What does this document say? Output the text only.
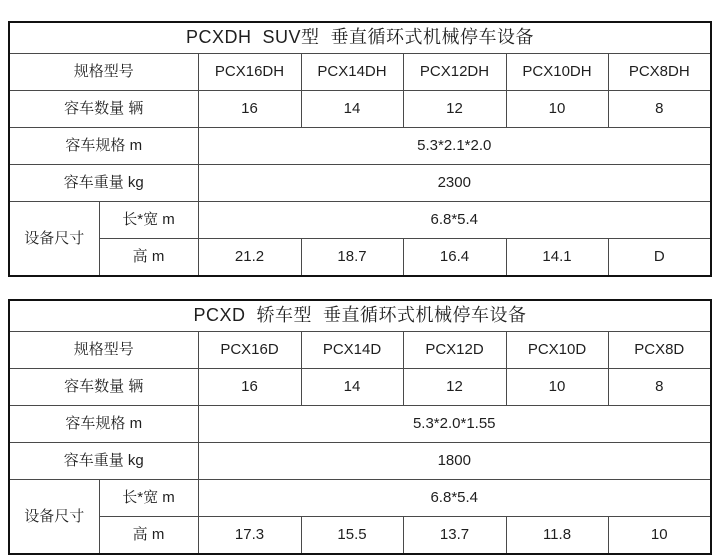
PCXDH  SUV型  垂直循环式机械停车设备						
规格型号		PCX16DH	PCX14DH	PCX12DH	PCX10DH	PCX8DH
容车数量 辆		16	14	12	10	8
容车规格 m		5.3*2.1*2.0				
容车重量 kg		2300				
设备尺寸	长*宽 m	6.8*5.4				
	高 m	21.2	18.7	16.4	14.1	D
PCXD  轿车型  垂直循环式机械停车设备						
规格型号		PCX16D	PCX14D	PCX12D	PCX10D	PCX8D
容车数量 辆		16	14	12	10	8
容车规格 m		5.3*2.0*1.55				
容车重量 kg		1800				
设备尺寸	长*宽 m	6.8*5.4				
	高 m	17.3	15.5	13.7	11.8	10
